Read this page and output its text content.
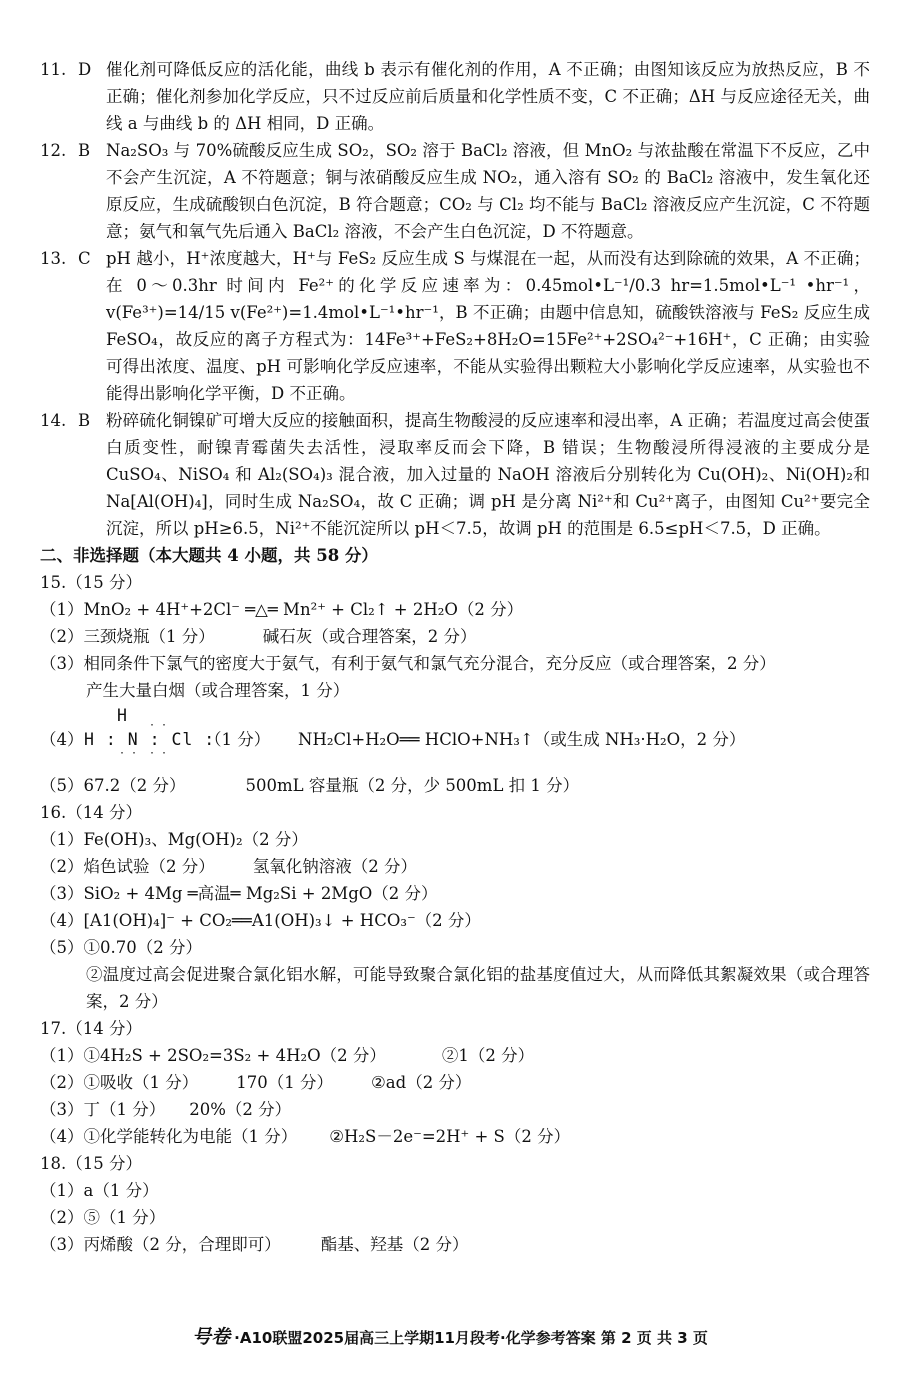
11. D 催化剂可降低反应的活化能，曲线 b 表示有催化剂的作用，A 不正确；由图知该反应为放热反应，B 不正确；催化剂参加化学反应，只不过反应前后质量和化学性质不变，C 不正确；ΔH 与反应途径无关，曲线 a 与曲线 b 的 ΔH 相同，D 正确。
12. B Na₂SO₃ 与 70%硫酸反应生成 SO₂，SO₂ 溶于 BaCl₂ 溶液，但 MnO₂ 与浓盐酸在常温下不反应，乙中不会产生沉淀，A 不符题意；铜与浓硝酸反应生成 NO₂，通入溶有 SO₂ 的 BaCl₂ 溶液中，发生氧化还原反应，生成硫酸钡白色沉淀，B 符合题意；CO₂ 与 Cl₂ 均不能与 BaCl₂ 溶液反应产生沉淀，C 不符题意；氨气和氧气先后通入 BaCl₂ 溶液，不会产生白色沉淀，D 不符题意。
13. C pH 越小，H⁺浓度越大，H⁺与 FeS₂ 反应生成 S 与煤混在一起，从而没有达到除硫的效果，A 不正确；在 0～0.3hr 时间内 Fe²⁺的化学反应速率为：0.45mol•L⁻¹/0.3 hr=1.5mol•L⁻¹ •hr⁻¹，v(Fe³⁺)=14/15 v(Fe²⁺)=1.4mol•L⁻¹•hr⁻¹，B 不正确；由题中信息知，硫酸铁溶液与 FeS₂ 反应生成 FeSO₄，故反应的离子方程式为：14Fe³⁺+FeS₂+8H₂O=15Fe²⁺+2SO₄²⁻+16H⁺，C 正确；由实验可得出浓度、温度、pH 可影响化学反应速率，不能从实验得出颗粒大小影响化学反应速率，从实验也不能得出影响化学平衡，D 不正确。
14. B 粉碎硫化铜镍矿可增大反应的接触面积，提高生物酸浸的反应速率和浸出率，A 正确；若温度过高会使蛋白质变性，耐镍青霉菌失去活性，浸取率反而会下降，B 错误；生物酸浸所得浸液的主要成分是 CuSO₄、NiSO₄ 和 Al₂(SO₄)₃ 混合液，加入过量的 NaOH 溶液后分别转化为 Cu(OH)₂、Ni(OH)₂和 Na[Al(OH)₄]，同时生成 Na₂SO₄，故 C 正确；调 pH 是分离 Ni²⁺和 Cu²⁺离子，由图知 Cu²⁺要完全沉淀，所以 pH≥6.5，Ni²⁺不能沉淀所以 pH＜7.5，故调 pH 的范围是 6.5≤pH＜7.5，D 正确。
二、非选择题（本大题共 4 小题，共 58 分）
15.（15 分）
（1）MnO₂ + 4H⁺+2Cl⁻ ═△═ Mn²⁺ + Cl₂↑ + 2H₂O（2 分）
（2）三颈烧瓶（1 分）	碱石灰（或合理答案，2 分）
（3）相同条件下氯气的密度大于氨气，有利于氨气和氯气充分混合，充分反应（或合理答案，2 分）
产生大量白烟（或合理答案，1 分）

（4）

H

H : N : Cl :

· ·

· ·

· ·

（1 分）

NH₂Cl+H₂O══ HClO+NH₃↑（或生成 NH₃·H₂O，2 分）

（5）67.2（2 分）	500mL 容量瓶（2 分，少 500mL 扣 1 分）
16.（14 分）
（1）Fe(OH)₃、Mg(OH)₂（2 分）
（2）焰色试验（2 分） 氢氧化钠溶液（2 分）
（3）SiO₂ + 4Mg ═高温═ Mg₂Si + 2MgO（2 分）
（4）[A1(OH)₄]⁻ + CO₂══A1(OH)₃↓ + HCO₃⁻（2 分）
（5）①0.70（2 分）
②温度过高会促进聚合氯化铝水解，可能导致聚合氯化铝的盐基度值过大，从而降低其絮凝效果（或合理答案，2 分）
17.（14 分）
（1）①4H₂S + 2SO₂=3S₂ + 4H₂O（2 分）	②1（2 分）
（2）①吸收（1 分） 170（1 分） ②ad（2 分）
（3）丁（1 分） 20%（2 分）
（4）①化学能转化为电能（1 分） ②H₂S－2e⁻=2H⁺ + S（2 分）
18.（15 分）
（1）a（1 分）
（2）⑤（1 分）
（3）丙烯酸（2 分，合理即可） 酯基、羟基（2 分）
号卷 ·A10联盟2025届高三上学期11月段考·化学参考答案 第 2 页 共 3 页
